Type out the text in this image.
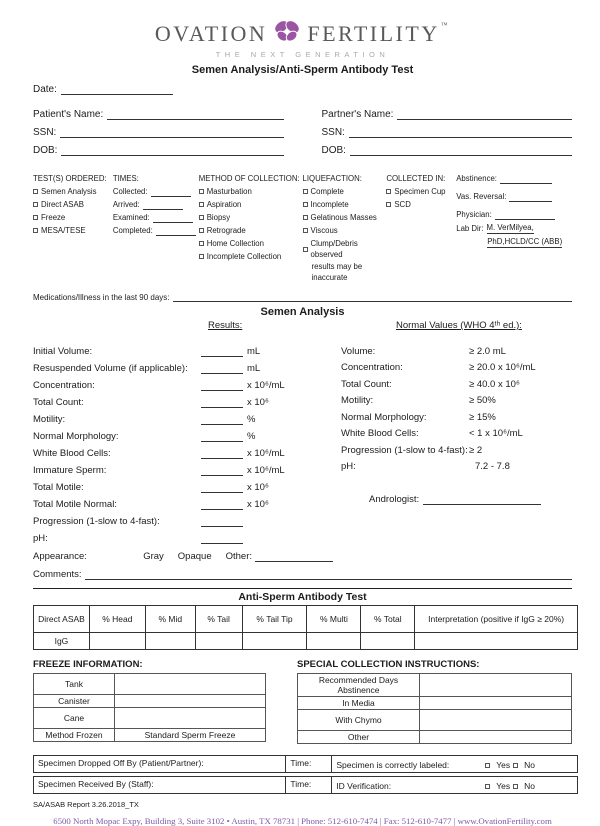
OVATION FERTILITY™
THE NEXT GENERATION
Semen Analysis/Anti-Sperm Antibody Test
Date:
Patient's Name:
SSN:
DOB:
Partner's Name:
SSN:
DOB:
TEST(S) ORDERED:
Semen Analysis
Direct ASAB
Freeze
MESA/TESE
TIMES:
Collected:
Arrived:
Examined:
Completed:
METHOD OF COLLECTION:
Masturbation
Aspiration
Biopsy
Retrograde
Home Collection
Incomplete Collection
LIQUEFACTION:
Complete
Incomplete
Gelatinous Masses
Viscous
Clump/Debris observed
results may be inaccurate
COLLECTED IN:
Specimen Cup
SCD
Abstinence:
Vas. Reversal:
Physician:
Lab Dir: M. VerMilyea,
PhD,HCLD/CC (ABB)
Medications/Illness in the last 90 days:
Semen Analysis
Results:	Normal Values (WHO 4ᵗʰ ed.):
Initial Volume:	mL
Resuspended Volume (if applicable):	mL
Concentration:	x 10⁶/mL
Total Count:	x 10⁶
Motility:	%
Normal Morphology:	%
White Blood Cells:	x 10⁶/mL
Immature Sperm:	x 10⁶/mL
Total Motile:	x 10⁶
Total Motile Normal:	x 10⁶
Progression (1-slow to 4-fast):
pH:
Appearance:	Gray Opaque Other:
Volume:	≥ 2.0 mL
Concentration:	≥ 20.0 x 10⁶/mL
Total Count:	≥ 40.0 x 10⁶
Motility:	≥ 50%
Normal Morphology:	≥ 15%
White Blood Cells:	< 1 x 10⁶/mL
Progression (1-slow to 4-fast): ≥ 2
pH:	7.2 - 7.8
Andrologist:
Comments:
Anti-Sperm Antibody Test
Direct ASAB	% Head	% Mid	% Tail	% Tail Tip	% Multi	% Total	Interpretation (positive if IgG ≥ 20%)
IgG							
FREEZE INFORMATION:
Tank	
Canister	
Cane	
Method Frozen	Standard Sperm Freeze
SPECIAL COLLECTION INSTRUCTIONS:
Recommended Days Abstinence	
In Media	
With Chymo	
Other	
Specimen Dropped Off By (Patient/Partner):	Time:	Specimen is correctly labeled:	Yes No
Specimen Received By (Staff):	Time:	ID Verification:	Yes No
SA/ASAB Report 3.26.2018_TX
6500 North Mopac Expy, Building 3, Suite 3102 • Austin, TX 78731 | Phone: 512-610-7474 | Fax: 512-610-7477 | www.OvationFertility.com
